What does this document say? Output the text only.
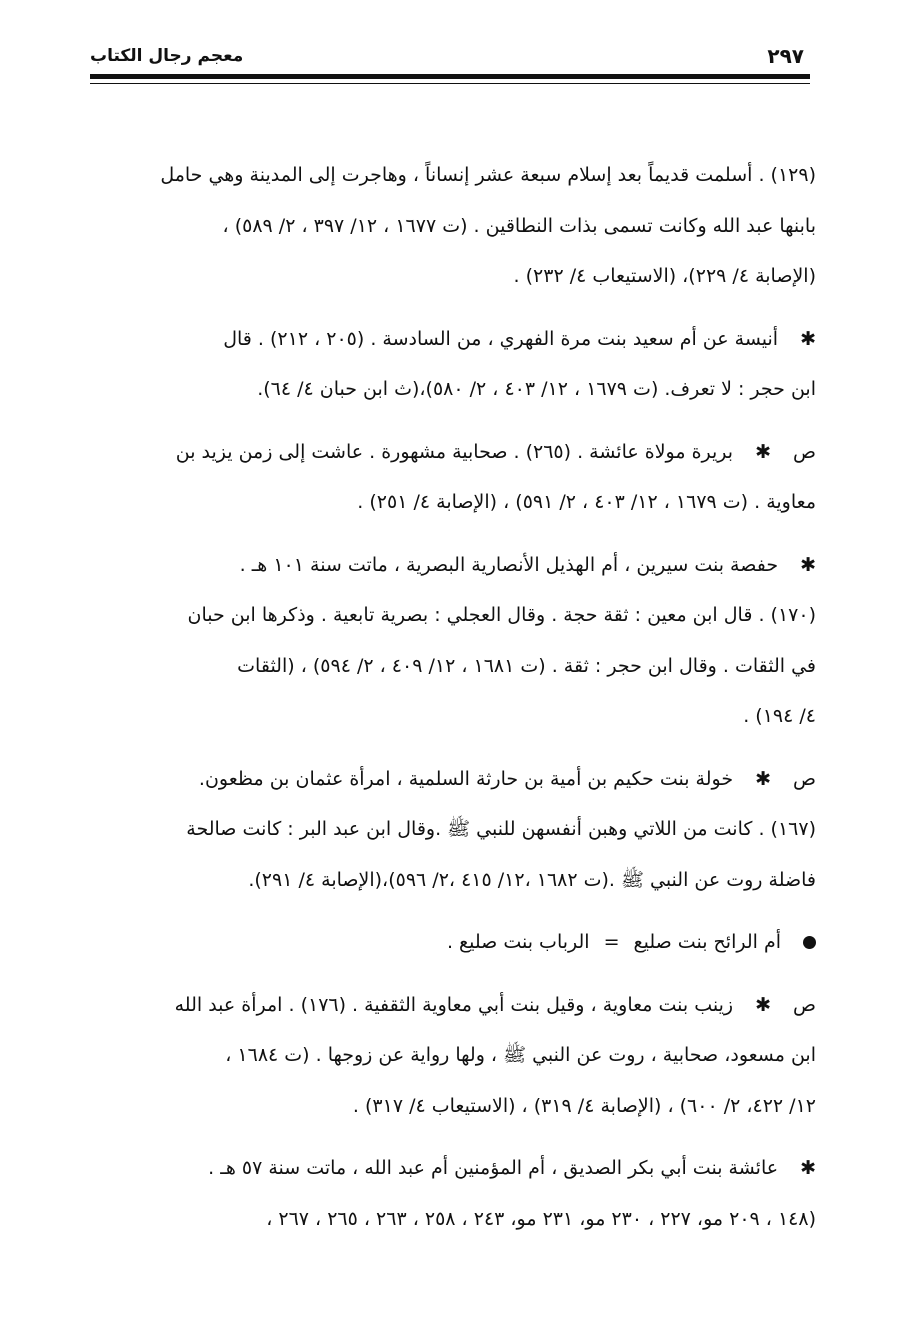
معجم رجال الكتاب	٢٩٧
(١٢٩) . أسلمت قديماً بعد إسلام سبعة عشر إنساناً ، وهاجرت إلى المدينة وهي حامل
بابنها عبد الله وكانت تسمى بذات النطاقين . (ت ١٦٧٧ ، ١٢/ ٣٩٧ ، ٢/ ٥٨٩) ،
(الإصابة ٤/ ٢٢٩)، (الاستيعاب ٤/ ٢٣٢) .
✱أنيسة عن أم سعيد بنت مرة الفهري ، من السادسة . (٢٠٥ ، ٢١٢) . قال
ابن حجر : لا تعرف. (ت ١٦٧٩ ، ١٢/ ٤٠٣ ، ٢/ ٥٨٠)،(ث ابن حبان ٤/ ٦٤).
ص✱بريرة مولاة عائشة . (٢٦٥) . صحابية مشهورة . عاشت إلى زمن يزيد بن
معاوية . (ت ١٦٧٩ ، ١٢/ ٤٠٣ ، ٢/ ٥٩١) ، (الإصابة ٤/ ٢٥١) .
✱حفصة بنت سيرين ، أم الهذيل الأنصارية البصرية ، ماتت سنة ١٠١ هـ .
(١٧٠) . قال ابن معين : ثقة حجة . وقال العجلي : بصرية تابعية . وذكرها ابن حبان
في الثقات . وقال ابن حجر : ثقة . (ت ١٦٨١ ، ١٢/ ٤٠٩ ، ٢/ ٥٩٤) ، (الثقات
٤/ ١٩٤) .
ص✱خولة بنت حكيم بن أمية بن حارثة السلمية ، امرأة عثمان بن مظعون.
(١٦٧) . كانت من اللاتي وهبن أنفسهن للنبي ﷺ .وقال ابن عبد البر : كانت صالحة
فاضلة روت عن النبي ﷺ .(ت ١٦٨٢ ،١٢/ ٤١٥ ،٢/ ٥٩٦)،(الإصابة ٤/ ٢٩١).
أم الرائح بنت صليع=الرباب بنت صليع .
ص✱زينب بنت معاوية ، وقيل بنت أبي معاوية الثقفية . (١٧٦) . امرأة عبد الله
ابن مسعود، صحابية ، روت عن النبي ﷺ ، ولها رواية عن زوجها . (ت ١٦٨٤ ،
١٢/ ٤٢٢، ٢/ ٦٠٠) ، (الإصابة ٤/ ٣١٩) ، (الاستيعاب ٤/ ٣١٧) .
✱عائشة بنت أبي بكر الصديق ، أم المؤمنين أم عبد الله ، ماتت سنة ٥٧ هـ .
(١٤٨ ، ٢٠٩ مو، ٢٢٧ ، ٢٣٠ مو، ٢٣١ مو، ٢٤٣ ، ٢٥٨ ، ٢٦٣ ، ٢٦٥ ، ٢٦٧ ،
